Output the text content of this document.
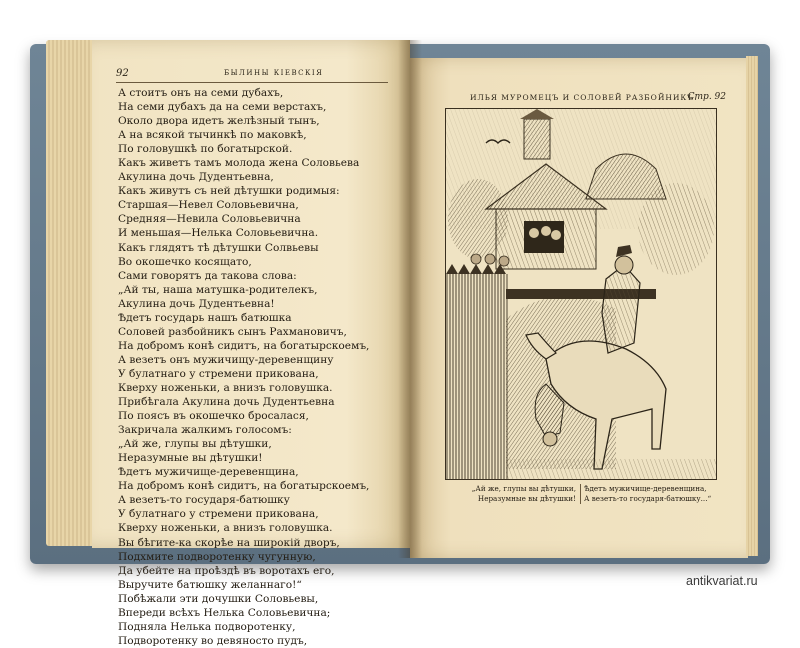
92	БЫЛИНЫ КІЕВСКІЯ
А стоитъ онъ на семи дубахъ,
На семи дубахъ да на семи верстахъ,
Около двора идетъ желѣзный тынъ,
А на всякой тычинкѣ по маковкѣ,
По головушкѣ по богатырской.
Какъ живетъ тамъ молода жена Соловьева
Акулина дочь Дудентьевна,
Какъ живутъ съ ней дѣтушки родимыя:
Старшая—Невел Соловьевична,
Средняя—Невила Соловьевична
И меньшая—Нелька Соловьевична.
Какъ глядятъ тѣ дѣтушки Солвьевы
Во окошечко косящато,
Сами говорятъ да такова слова:
„Ай ты, наша матушка-родителекъ,
Акулина дочь Дудентьевна!
Ѣдетъ государь нашъ батюшка
Соловей разбойникъ сынъ Рахмановичъ,
На добромъ конѣ сидитъ, на богатырскоемъ,
А везетъ онъ мужичищу-деревенщину
У булатнаго у стремени прикована,
Кверху ноженьки, а внизъ головушка.
Прибѣгала Акулина дочь Дудентьевна
По поясъ въ окошечко бросалася,
Закричала жалкимъ голосомъ:
„Ай же, глупы вы дѣтушки,
Неразумные вы дѣтушки!
Ѣдетъ мужичище-деревенщина,
На добромъ конѣ сидитъ, на богатырскоемъ,
А везетъ-то государя-батюшку
У булатнаго у стремени прикована,
Кверху ноженьки, а внизъ головушка.
Вы бѣгите-ка скорѣе на широкій дворъ,
Подхмите подворотенку чугунную,
Да убейте на проѣздѣ въ воротахъ его,
Выручите батюшку желаннаго!“
Побѣжали эти дочушки Соловьевы,
Впереди всѣхъ Нелька Соловьевична;
Подняла Нелька подворотенку,
Подворотенку во девяносто пудъ,
ИЛЬЯ МУРОМЕЦЪ И СОЛОВЕЙ РАЗБОЙНИКЪ.
Стр. 92
„Ай же, глупы вы дѣтушки,
Неразумные вы дѣтушки!
Ѣдетъ мужичище-деревенщина,
А везетъ-то государя-батюшку...“
antikvariat.ru
